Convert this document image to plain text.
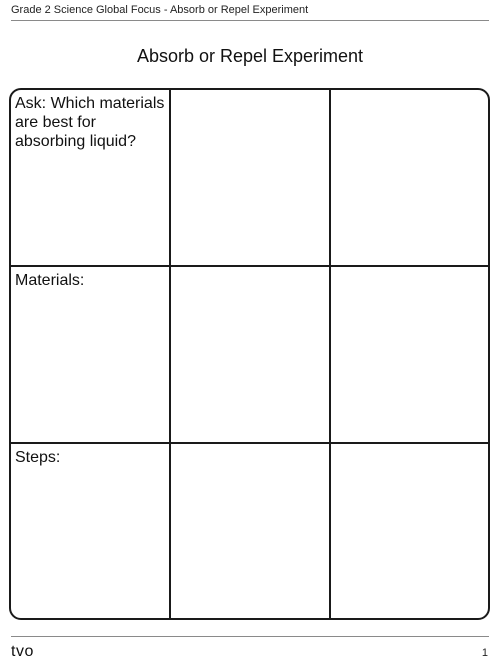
Grade 2 Science Global Focus - Absorb or Repel Experiment
Absorb or Repel Experiment
Ask: Which materials
are best for
absorbing liquid?
Materials:
Steps:
tvo	1
